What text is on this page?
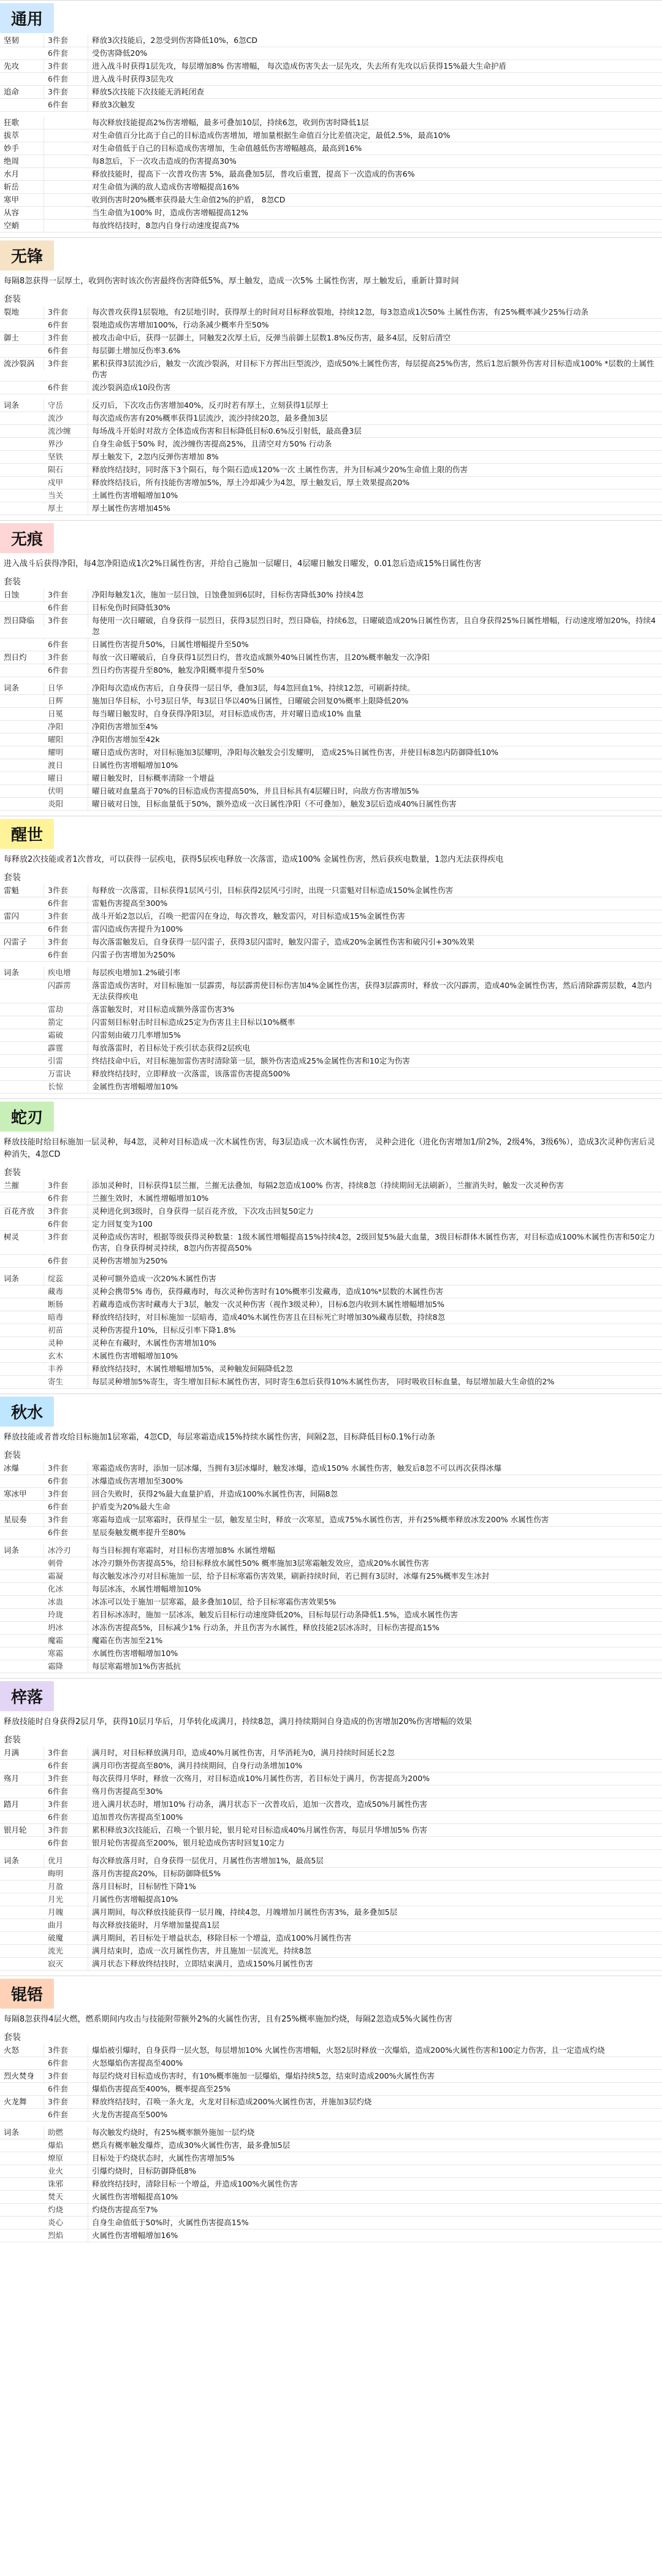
通用
坚韧	3件套	释放3次技能后，2忽受到伤害降低10%，6忽CD
6件套	受伤害降低20%
先攻	3件套	进入战斗时获得1层先攻，每层增加8% 伤害增幅， 每次造成伤害失去一层先攻，失去所有先攻以后获得15%最大生命护盾
6件套	进入战斗时获得3层先攻
追命	3件套	释放5次技能下次技能无消耗闭查
6件套	释放3次触发
狂歌	每次释放技能提高2%伤害增幅，最多可叠加10层，持续6忽，收到伤害时降低1层
拔萃	对生命值百分比高于自己的目标造成伤害增加，增加量根据生命值百分比差值决定，最低2.5%，最高10%
妙手	对生命值低于自己的目标造成伤害增加，生命值越低伤害增幅越高，最高到16%
绝周	每8忽后，下一次攻击造成的伤害提高30%
水月	释放技能时，提高下一次普攻伤害 5%，最高叠加5层，普攻后重置，提高下一次造成的伤害6%
斩岳	对生命值为满的敌人造成伤害增幅提高16%
寒甲	收到伤害时20%概率获得最大生命值2%的护盾， 8忽CD
从容	当生命值为100% 时，造成伤害增幅提高12%
空蛸	每放终结技时，8忽内自身行动速度提高7%
无锋
每隔8忽获得一层厚土，收到伤害时该次伤害最终伤害降低5%，厚土触发，造成一次5% 土属性伤害，厚土触发后，重新计算时间
套装
裂地	3件套	每次普攻获得1层裂地，有2层地引时，获得厚土的时间对目标释放裂地，持续12忽，每3忽造成1次50% 土属性伤害，有25%概率减少25%行动条
6件套	裂地造成伤害增加100%，行动条减少概率升至50%
御土	3件套	被攻击命中后，获得一层御土，同触发2次厚土后，反弹当前御土层数1.8%反伤害，最多4层，反射后清空
6件套	每层御土增加反伤率3.6%
流沙裂涡	3件套	累积获得3层流沙后，触发一次流沙裂涡，对目标下方挥出巨型流沙，造成50%土属性伤害，每层提高25%伤害，然后1忽后额外伤害对目标造成100% *层数的土属性伤害
6件套	流沙裂涡造成10段伤害
词条	守岳	反刃后，下次攻击伤害增加40%，反刃时若有厚土，立刻获得1层厚土
流沙	每次造成伤害有20%概率获得1层流沙，流沙持续20忽，最多叠加3层
流沙缠	每场战斗开始时对敌方全体造成伤害和目标降低目标0.6%反引射低，最高叠3层
界沙	自身生命低于50% 时，流沙缠伤害提高25%，且清空对方50% 行动条
坚铁	厚土触发下，2忽内反弹伤害增加 8%
陨石	释放终结技时，同时落下3个陨石，每个陨石造成120%一次 土属性伤害，并为目标减少20%生命值上限的伤害
戍甲	释放终结技后，所有技能伤害增加5%，厚土冷却减少为4忽，厚土触发后，厚土效果提高20%
当关	土属性伤害增幅增加10%
厚土	厚土属性伤害增加45%
无痕
进入战斗后获得净阳，每4忽净阳造成1次2%日属性伤害，并给自己施加一层曜日，4层曜日触发日曜发，0.01忽后造成15%日属性伤害
套装
日蚀	3件套	净阳每触发1次，施加一层日蚀，日蚀叠加到6层时，目标伤害降低30% 持续4忽
6件套	目标免伤时间降低30%
烈日降临	3件套	每使用一次日曜破，自身获得一层烈日，获得3层烈日时，烈日降临，持续6忽，日曜破造成20%日属性伤害，且自身获得25%日属性增幅，行动速度增加20%，持续4忽
6件套	日属性伤害提升50%，日属性增幅提升至50%
烈日灼	3件套	每放一次日曜破后，自身获得1层烈日灼，普攻造成额外40%日属性伤害，且20%概率触发一次净阳
6件套	烈日灼伤害提升至80%，触发净阳概率提升至50%
词条	日华	净阳每次造成伤害后，自身获得一层日华，叠加3层，每4忽回血1%，持续12忽，可刷新持续。
日辉	施加日华目标，小号3层日华，每3层日华以40%日属性，日曜破会回复0%概率上限降低20%
日冕	每当曜日触发时，自身获得净阳3层，对目标造成伤害，并对曜日造成10% 血量
净阳	净阳伤害增加至4%
曜阳	净阳伤害增加至42k
耀明	曜日造成伤害时，对目标施加3层耀明，净阳每次触发会引发耀明， 造成25%日属性伤害，并使目标8忽内防御降低10%
渡日	日属性伤害增幅增加10%
曜日	曜日触发时，目标概率清除一个增益
伏明	曜日破对血量高于70%的目标造成伤害提高50%，并且目标具有4层曜日时，向敌方伤害增加5%
炎阳	曜日破对日蚀，目标血量低于50%，额外造成一次日属性净阳（不可叠加），触发3层后造成40%日属性伤害
醒世
每释放2次技能或者1次普攻，可以获得一层疾电，获得5层疾电释放一次落雷，造成100% 金属性伤害，然后获疾电数量，1忽内无法获得疾电
套装
雷魁	3件套	每释放一次落雷，目标获得1层风弓引，目标获得2层风弓引时，出现一只雷魁对目标造成150%金属性伤害
6件套	雷魁伤害提高至300%
雷闪	3件套	战斗开始2忽以后，召唤一把雷闪在身边，每次普攻，触发雷闪，对目标造成15%金属性伤害
6件套	雷闪造成伤害提升为100%
闪雷子	3件套	每次落雷触发后，自身获得一层闪雷子，获得3层闪雷时，触发闪雷子，造成20%金属性伤害和破闪引+30%效果
6件套	闪雷子伤害增加为250%
词条	疾电增	每层疾电增加1.2%破引率
闪霹雳	落雷造成伤害时，对目标施加一层霹雳，每层霹雳使目标伤害加4%金属性伤害，获得3层霹雳时，释放一次闪霹雳，造成40%金属性伤害，然后清除霹雳层数，4忽内无法获得疾电
雷劫	落雷触发时，对目标造成额外落雷伤害3%
箭定	闪雷刻目标射击时目标造成25定为伤害且主目标以10%概率
霜破	闪雷刻由破刀几率增加5%
霹霆	每放落雷时，若目标处于疾引状态获得2层疾电
引雷	终结技命中后，对目标施加雷伤害时清除第一层，额外伤害造成25%金属性伤害和10定为伤害
万雷诀	释放终结技时，立即释放一次落雷，该落雷伤害提高500%
长惊	金属性伤害增幅增加10%
蛇刃
释放技能时给目标施加一层灵种，每4忽，灵种对目标造成一次木属性伤害，每3层造成一次木属性伤害， 灵种会进化（进化伤害增加1/阶2%，2级4%，3级6%），造成3次灵种伤害后灵种消失，4忽CD
套装
兰摧	3件套	添加灵种时，目标获得1层兰摧，兰摧无法叠加，每隔2忽造成100% 伤害，持续8忽（持续期间无法刷新），兰摧消失时，触发一次灵种伤害
6件套	兰摧生效时，木属性增幅增加10%
百花齐放	3件套	灵种进化到3级时，自身获得一层百花齐放，下次攻击回复50定力
6件套	定力回复变为100
树灵	3件套	灵种造成伤害时，根据等级获得灵种数量：1级木属性增幅提高15%持续4忽，2级回复5%最大血量，3级目标群体木属性伤害，对目标造成100%木属性伤害和50定力伤害，自身获得树灵持续，8忽内伤害提高50%
6件套	灵种伤害增加为250%
词条	绽蕊	灵种可额外造成一次20%木属性伤害
藏毒	灵种会携带5% 毒伤，获得藏毒时，每次灵种伤害时有10%概率引发藏毒，造成10%*层数的木属性伤害
断肠	若藏毒造成伤害时藏毒大于3层，触发一次灵种伤害（视作3级灵种），目标6忽内收到木属性增幅增加5%
暗毒	释放终结技时，对目标施加一层暗毒，造成40%木属性伤害且在目标死亡时增加30%藏毒层数，持续8忽
初苗	灵种伤害提升10%，目标反引率下降1.8%
灵种	灵种在有藏时，木属性伤害增加10%
玄木	木属性伤害增幅增加10%
丰养	释放终结技时，木属性增幅增加5%，灵种触发间隔降低2忽
寄生	每层灵种增加5%寄生，寄生增加目标木属性伤害，同时寄生6忽后获得10%木属性伤害， 同时吸收目标血量，每层增加最大生命值的2%
秋水
释放技能或者普攻给目标施加1层寒霜，4忽CD，每层寒霜造成15%持续水属性伤害，间隔2忽，目标降低目标0.1%行动条
套装
冰爆	3件套	寒霜造成伤害时，添加一层冰爆，当拥有3层冰爆时，触发冰爆，造成150% 水属性伤害，触发后8忽不可以再次获得冰爆
6件套	冰爆造成伤害增加至300%
寒冰甲	3件套	回合失败时，获得2%最大血量护盾，并造成100%水属性伤害，间隔8忽
6件套	护盾变为20%最大生命
星辰奏	3件套	寒霜每造成一层寒霜时，获得星尘一层，触发星尘时，释放一次寒星，造成75%水属性伤害，并有25%概率释放冰发200% 水属性伤害
6件套	星辰奏触发概率提升至80%
词条	冰冷刃	每当目标拥有寒霜时，对目标伤害增加8% 水属性增幅
刺骨	冰冷刃额外伤害提高5%，给目标释放水属性50% 概率施加3层寒霜触发效应，造成20%水属性伤害
霜凝	每次触发冰冷刃对目标施加一层，给予目标寒霜伤害效果，刷新持续时间，若已拥有3层时，冰爆有25%概率发生冰封
化冰	每层冰冻，水属性增幅增加10%
冰蛊	冰冻可以处于施加一层寒霜，最多叠加10层，给予目标寒霜伤害效果5%
玲珑	若目标冰冻时，施加一层冰冻，触发后目标行动速度降低20%，目标每层行动条降低1.5%，造成水属性伤害
坍冰	冰冻伤害提高5%，目标减少1% 行动条，并且伤害为水属性，释放技能2层冰冻时，目标伤害提高15%
魔霜	魔霜在伤害加至21%
寒霜	水属性伤害增幅增加10%
霜降	每层寒霜增加1%伤害抵抗
梓落
释放技能时自身获得2层月华，获得10层月华后，月华转化成满月，持续8忽，满月持续期间自身造成的伤害增加20%伤害增幅的效果
套装
月满	3件套	满月时，对目标释放满月印，造成40%月属性伤害，月华消耗为0，满月持续时间延长2忽
6件套	满月印伤害提高至80%，满月持续期间，自身行动条增加10%
殇月	3件套	每次获得月华时，释放一次殇月，对目标造成10%月属性伤害，若目标处于满月，伤害提高为200%
6件套	殇月伤害提高至30%
踏月	3件套	进入满月状态时，增加10% 行动条，满月状态下一次普攻后，追加一次普攻，造成50%月属性伤害
6件套	追加普攻伤害提高至100%
银月轮	3件套	累积释放3次技能后，召唤一个银月轮，银月轮对目标造成40%月属性伤害，每层月华增加5% 伤害
6件套	银月轮伤害提高至200%，银月轮造成伤害时回复10定力
词条	优月	每次释放落月时，自身获得一层优月，月属性伤害增加1%，最高5层
晦明	落月伤害提高20%，目标防御降低5%
月盈	落月目标时，目标韧性下降1%
月光	月属性伤害增幅提高10%
月魄	满月期间，每次释放技能获得一层月魄，持续4忽，月魄增加月属性伤害3%，最多叠加5层
曲月	每次释放技能时，月华增加量提高1层
破魔	满月期间，若目标处于增益状态，移除目标一个增益，造成100%月属性伤害
流光	满月结束时，造成一次月属性伤害，并且施加一层流光，持续8忽
寂灭	满月状态下释放终结技时，立即结束满月，造成150%月属性伤害
锟铻
每隔8忽获得4层火燃，燃系期间内攻击与技能附带额外2%的火属性伤害，且有25%概率施加灼烧，每隔2忽造成5%火属性伤害
套装
火怒	3件套	爆焰被引爆时，自身获得一层火怒，每层增加10% 火属性伤害增幅，火怒2层时释放一次爆焰，造成200%火属性伤害和100定力伤害，且一定造成灼烧
6件套	火怒爆焰伤害提高至400%
烈火焚身	3件套	每层灼烧对目标造成伤害时，有10%概率施加一层爆焰，爆焰持续5忽，结束时造成200%火属性伤害
6件套	爆焰伤害提高至400%，概率提高至25%
火龙舞	3件套	释放终结技时，召唤一条火龙，火龙对目标造成200%火属性伤害，并施加3层灼烧
6件套	火龙伤害提高至500%
词条	助燃	每次触发灼烧时，有25%概率额外施加一层灼烧
爆焰	燃兵有概率触发爆炸，造成30%火属性伤害，最多叠加5层
燎原	目标处于灼烧状态时，火属性伤害增加5%
业火	引爆灼烧时，目标防御降低8%
诛邪	释放终结技时，清除目标一个增益，并造成100%火属性伤害
焚天	火属性伤害增幅提高10%
灼烧	灼烧伤害提高至7%
炎心	自身生命值低于50%时，火属性伤害提高15%
烈焰	火属性伤害增幅增加16%
